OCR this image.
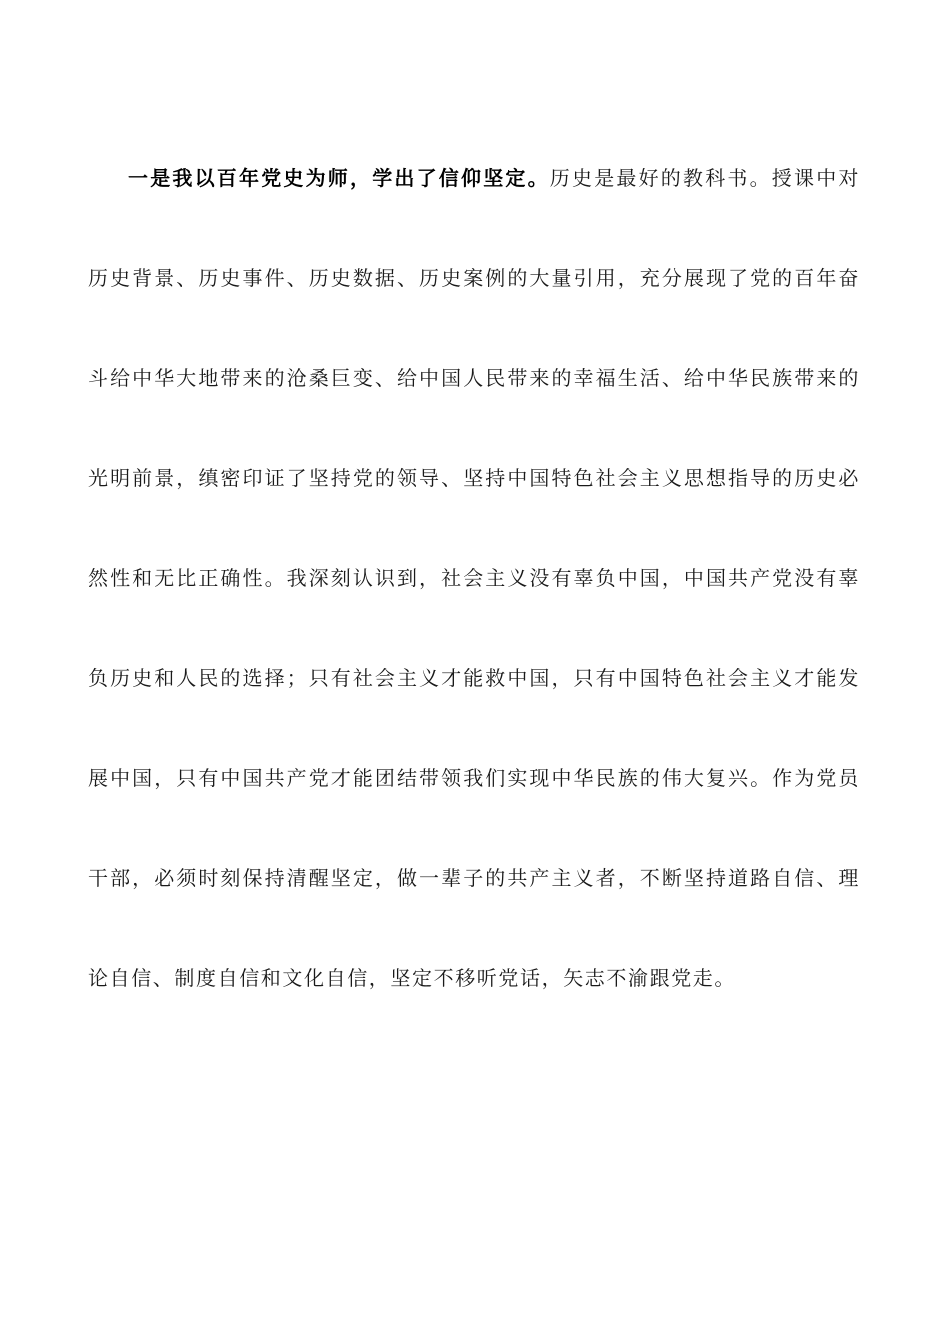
一是我以百年党史为师，学出了信仰坚定。历史是最好的教科书。授课中对历史背景、历史事件、历史数据、历史案例的大量引用，充分展现了党的百年奋斗给中华大地带来的沧桑巨变、给中国人民带来的幸福生活、给中华民族带来的光明前景，缜密印证了坚持党的领导、坚持中国特色社会主义思想指导的历史必然性和无比正确性。我深刻认识到，社会主义没有辜负中国，中国共产党没有辜负历史和人民的选择；只有社会主义才能救中国，只有中国特色社会主义才能发展中国，只有中国共产党才能团结带领我们实现中华民族的伟大复兴。作为党员干部，必须时刻保持清醒坚定，做一辈子的共产主义者，不断坚持道路自信、理论自信、制度自信和文化自信，坚定不移听党话，矢志不渝跟党走。
